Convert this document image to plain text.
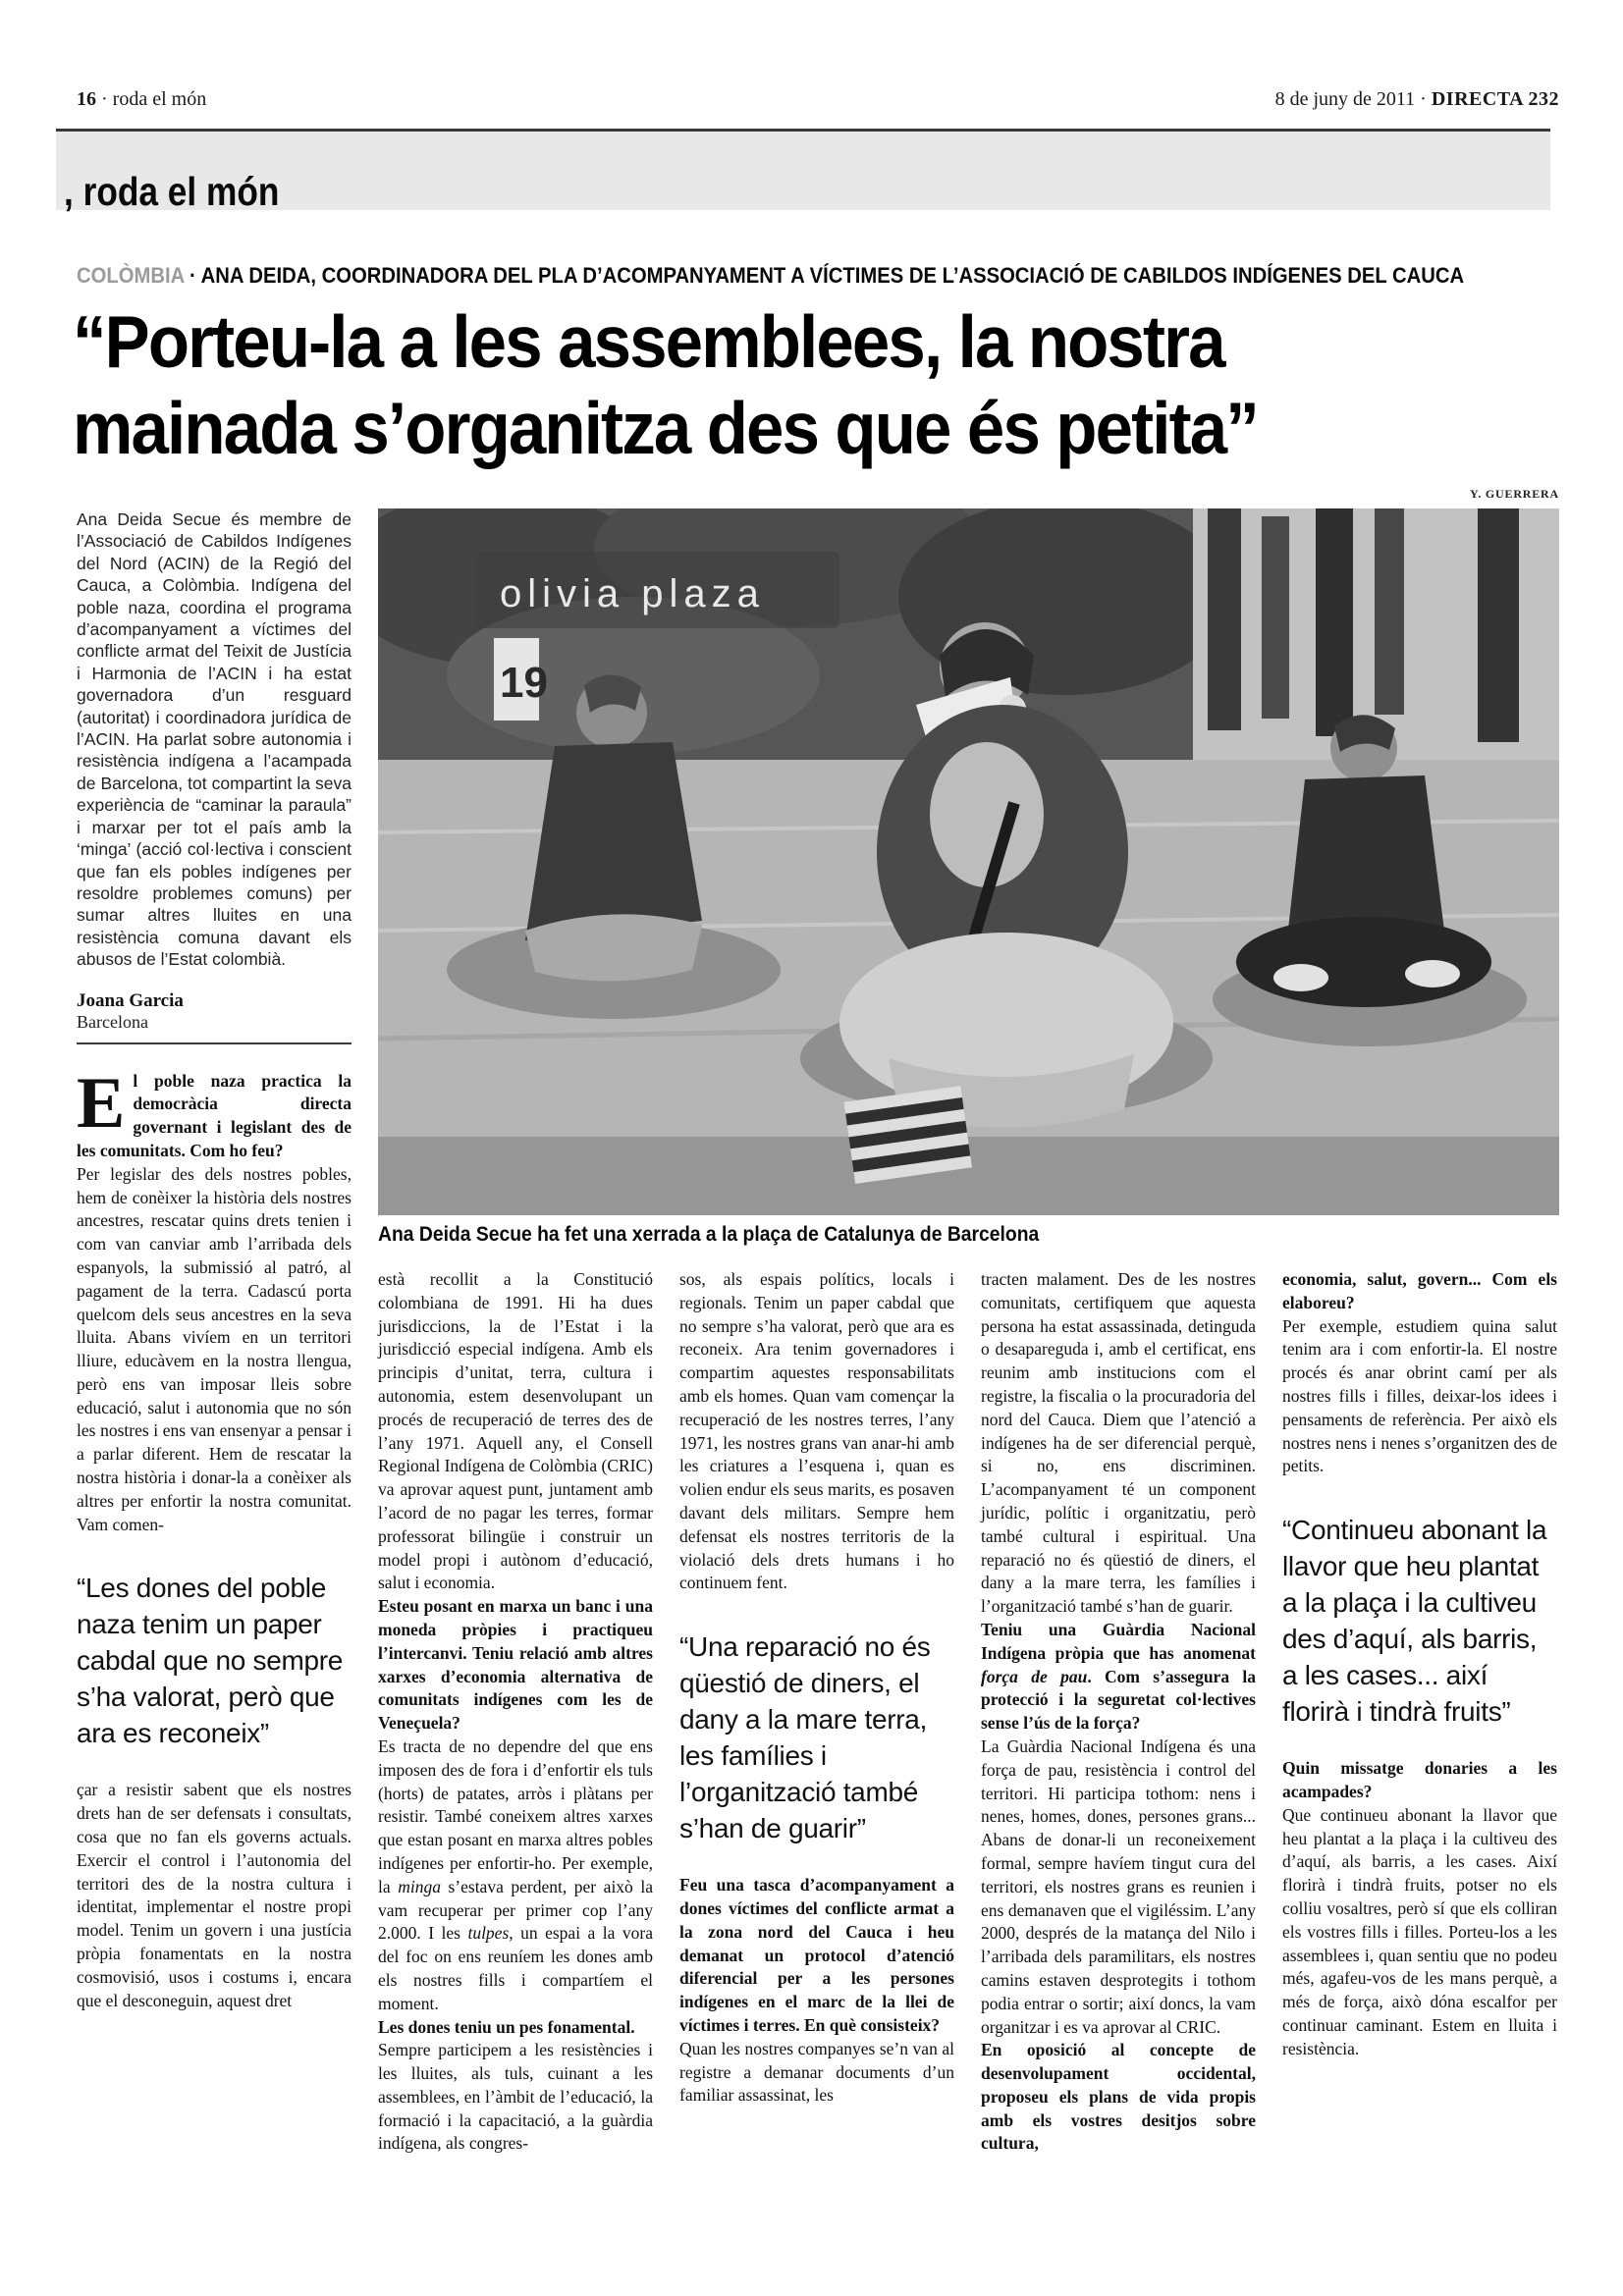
16 · roda el món	8 de juny de 2011 · DIRECTA 232
, roda el món
COLÒMBIA · ANA DEIDA, COORDINADORA DEL PLA D’ACOMPANYAMENT A VÍCTIMES DE L’ASSOCIACIÓ DE CABILDOS INDÍGENES DEL CAUCA
“Porteu-la a les assemblees, la nostra
mainada s’organitza des que és petita”
Y. GUERRERA
olivia plaza
19
Ana Deida Secue ha fet una xerrada a la plaça de Catalunya de Barcelona

Ana Deida Secue és membre de l’Associació de Cabildos Indígenes del Nord (ACIN) de la Regió del Cauca, a Colòmbia. Indígena del poble naza, coordina el programa d’acompanyament a víctimes del conflicte armat del Teixit de Justícia i Harmonia de l’ACIN i ha estat governadora d’un resguard (autoritat) i coordinadora jurídica de l’ACIN. Ha parlat sobre autonomia i resistència indígena a l’acampada de Barcelona, tot compartint la seva experiència de “caminar la paraula” i marxar per tot el país amb la ‘minga’ (acció col·lectiva i conscient que fan els pobles indígenes per resoldre problemes comuns) per sumar altres lluites en una resistència comuna davant els abusos de l’Estat colombià.

Joana Garcia
Barcelona

El poble naza practica la democràcia directa governant i legislant des de les comunitats. Com ho feu?

Per legislar des dels nostres pobles, hem de conèixer la història dels nostres ancestres, rescatar quins drets tenien i com van canviar amb l’arribada dels espanyols, la submissió al patró, al pagament de la terra. Cadascú porta quelcom dels seus ancestres en la seva lluita. Abans vivíem en un territori lliure, educàvem en la nostra llengua, però ens van imposar lleis sobre educació, salut i autonomia que no són les nostres i ens van ensenyar a pensar i a parlar diferent. Hem de rescatar la nostra història i donar-la a conèixer als altres per enfortir la nostra comunitat. Vam comen-

“Les dones del poble naza tenim un paper cabdal que no sempre s’ha valorat, però que ara es reconeix”

çar a resistir sabent que els nostres drets han de ser defensats i consultats, cosa que no fan els governs actuals. Exercir el control i l’autonomia del territori des de la nostra cultura i identitat, implementar el nostre propi model. Tenim un govern i una justícia pròpia fonamentats en la nostra cosmovisió, usos i costums i, encara que el desconeguin, aquest dret

està recollit a la Constitució colombiana de 1991. Hi ha dues jurisdiccions, la de l’Estat i la jurisdicció especial indígena. Amb els principis d’unitat, terra, cultura i autonomia, estem desenvolupant un procés de recuperació de terres des de l’any 1971. Aquell any, el Consell Regional Indígena de Colòmbia (CRIC) va aprovar aquest punt, juntament amb l’acord de no pagar les terres, formar professorat bilingüe i construir un model propi i autònom d’educació, salut i economia.

Esteu posant en marxa un banc i una moneda pròpies i practiqueu l’intercanvi. Teniu relació amb altres xarxes d’economia alternativa de comunitats indígenes com les de Veneçuela?

Es tracta de no dependre del que ens imposen des de fora i d’enfortir els tuls (horts) de patates, arròs i plàtans per resistir. També coneixem altres xarxes que estan posant en marxa altres pobles indígenes per enfortir-ho. Per exemple, la minga s’estava perdent, per això la vam recuperar per primer cop l’any 2.000. I les tulpes, un espai a la vora del foc on ens reuníem les dones amb els nostres fills i compartíem el moment.

Les dones teniu un pes fonamental.

Sempre participem a les resistències i les lluites, als tuls, cuinant a les assemblees, en l’àmbit de l’educació, la formació i la capacitació, a la guàrdia indígena, als congres-

sos, als espais polítics, locals i regionals. Tenim un paper cabdal que no sempre s’ha valorat, però que ara es reconeix. Ara tenim governadores i compartim aquestes responsabilitats amb els homes. Quan vam començar la recuperació de les nostres terres, l’any 1971, les nostres grans van anar-hi amb les criatures a l’esquena i, quan es volien endur els seus marits, es posaven davant dels militars. Sempre hem defensat els nostres territoris de la violació dels drets humans i ho continuem fent.

“Una reparació no és qüestió de diners, el dany a la mare terra, les famílies i l’organització també s’han de guarir”

Feu una tasca d’acompanyament a dones víctimes del conflicte armat a la zona nord del Cauca i heu demanat un protocol d’atenció diferencial per a les persones indígenes en el marc de la llei de víctimes i terres. En què consisteix?

Quan les nostres companyes se’n van al registre a demanar documents d’un familiar assassinat, les

tracten malament. Des de les nostres comunitats, certifiquem que aquesta persona ha estat assassinada, detinguda o desapareguda i, amb el certificat, ens reunim amb institucions com el registre, la fiscalia o la procuradoria del nord del Cauca. Diem que l’atenció a indígenes ha de ser diferencial perquè, si no, ens discriminen. L’acompanyament té un component jurídic, polític i organitzatiu, però també cultural i espiritual. Una reparació no és qüestió de diners, el dany a la mare terra, les famílies i l’organització també s’han de guarir.

Teniu una Guàrdia Nacional Indígena pròpia que has anomenat força de pau. Com s’assegura la protecció i la seguretat col·lectives sense l’ús de la força?

La Guàrdia Nacional Indígena és una força de pau, resistència i control del territori. Hi participa tothom: nens i nenes, homes, dones, persones grans... Abans de donar-li un reconeixement formal, sempre havíem tingut cura del territori, els nostres grans es reunien i ens demanaven que el vigiléssim. L’any 2000, després de la matança del Nilo i l’arribada dels paramilitars, els nostres camins estaven desprotegits i tothom podia entrar o sortir; així doncs, la vam organitzar i es va aprovar al CRIC.

En oposició al concepte de desenvolupament occidental, proposeu els plans de vida propis amb els vostres desitjos sobre cultura,

economia, salut, govern... Com els elaboreu?

Per exemple, estudiem quina salut tenim ara i com enfortir-la. El nostre procés és anar obrint camí per als nostres fills i filles, deixar-los idees i pensaments de referència. Per això els nostres nens i nenes s’organitzen des de petits.

“Continueu abonant la llavor que heu plantat a la plaça i la cultiveu des d’aquí, als barris, a les cases... així florirà i tindrà fruits”

Quin missatge donaries a les acampades?

Que continueu abonant la llavor que heu plantat a la plaça i la cultiveu des d’aquí, als barris, a les cases. Així florirà i tindrà fruits, potser no els colliu vosaltres, però sí que els colliran els vostres fills i filles. Porteu-los a les assemblees i, quan sentiu que no podeu més, agafeu-vos de les mans perquè, a més de força, això dóna escalfor per continuar caminant. Estem en lluita i resistència.
